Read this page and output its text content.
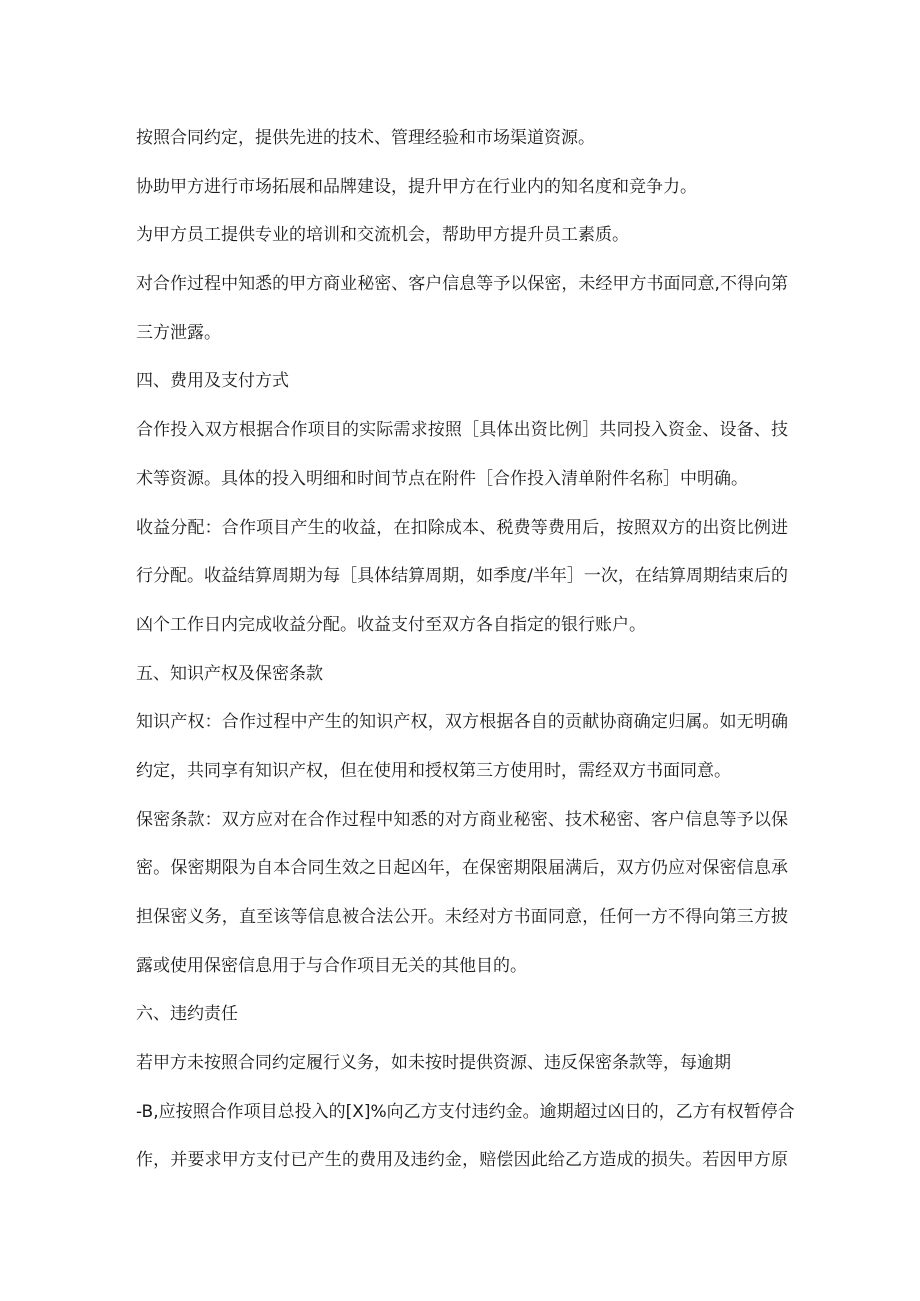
按照合同约定，提供先进的技术、管理经验和市场渠道资源。
协助甲方进行市场拓展和品牌建设，提升甲方在行业内的知名度和竞争力。
为甲方员工提供专业的培训和交流机会，帮助甲方提升员工素质。
对合作过程中知悉的甲方商业秘密、客户信息等予以保密，未经甲方书面同意,不得向第
三方泄露。
四、费用及支付方式
合作投入双方根据合作项目的实际需求按照［具体出资比例］共同投入资金、设备、技
术等资源。具体的投入明细和时间节点在附件［合作投入清单附件名称］中明确。
收益分配：合作项目产生的收益，在扣除成本、税费等费用后，按照双方的出资比例进
行分配。收益结算周期为每［具体结算周期，如季度/半年］一次，在结算周期结束后的
凶个工作日内完成收益分配。收益支付至双方各自指定的银行账户。
五、知识产权及保密条款
知识产权：合作过程中产生的知识产权，双方根据各自的贡献协商确定归属。如无明确
约定，共同享有知识产权，但在使用和授权第三方使用时，需经双方书面同意。
保密条款：双方应对在合作过程中知悉的对方商业秘密、技术秘密、客户信息等予以保
密。保密期限为自本合同生效之日起凶年，在保密期限届满后，双方仍应对保密信息承
担保密义务，直至该等信息被合法公开。未经对方书面同意，任何一方不得向第三方披
露或使用保密信息用于与合作项目无关的其他目的。
六、违约责任
若甲方未按照合同约定履行义务，如未按时提供资源、违反保密条款等，每逾期
-B,应按照合作项目总投入的[X]%向乙方支付违约金。逾期超过凶日的，乙方有权暂停合
作，并要求甲方支付已产生的费用及违约金，赔偿因此给乙方造成的损失。若因甲方原
